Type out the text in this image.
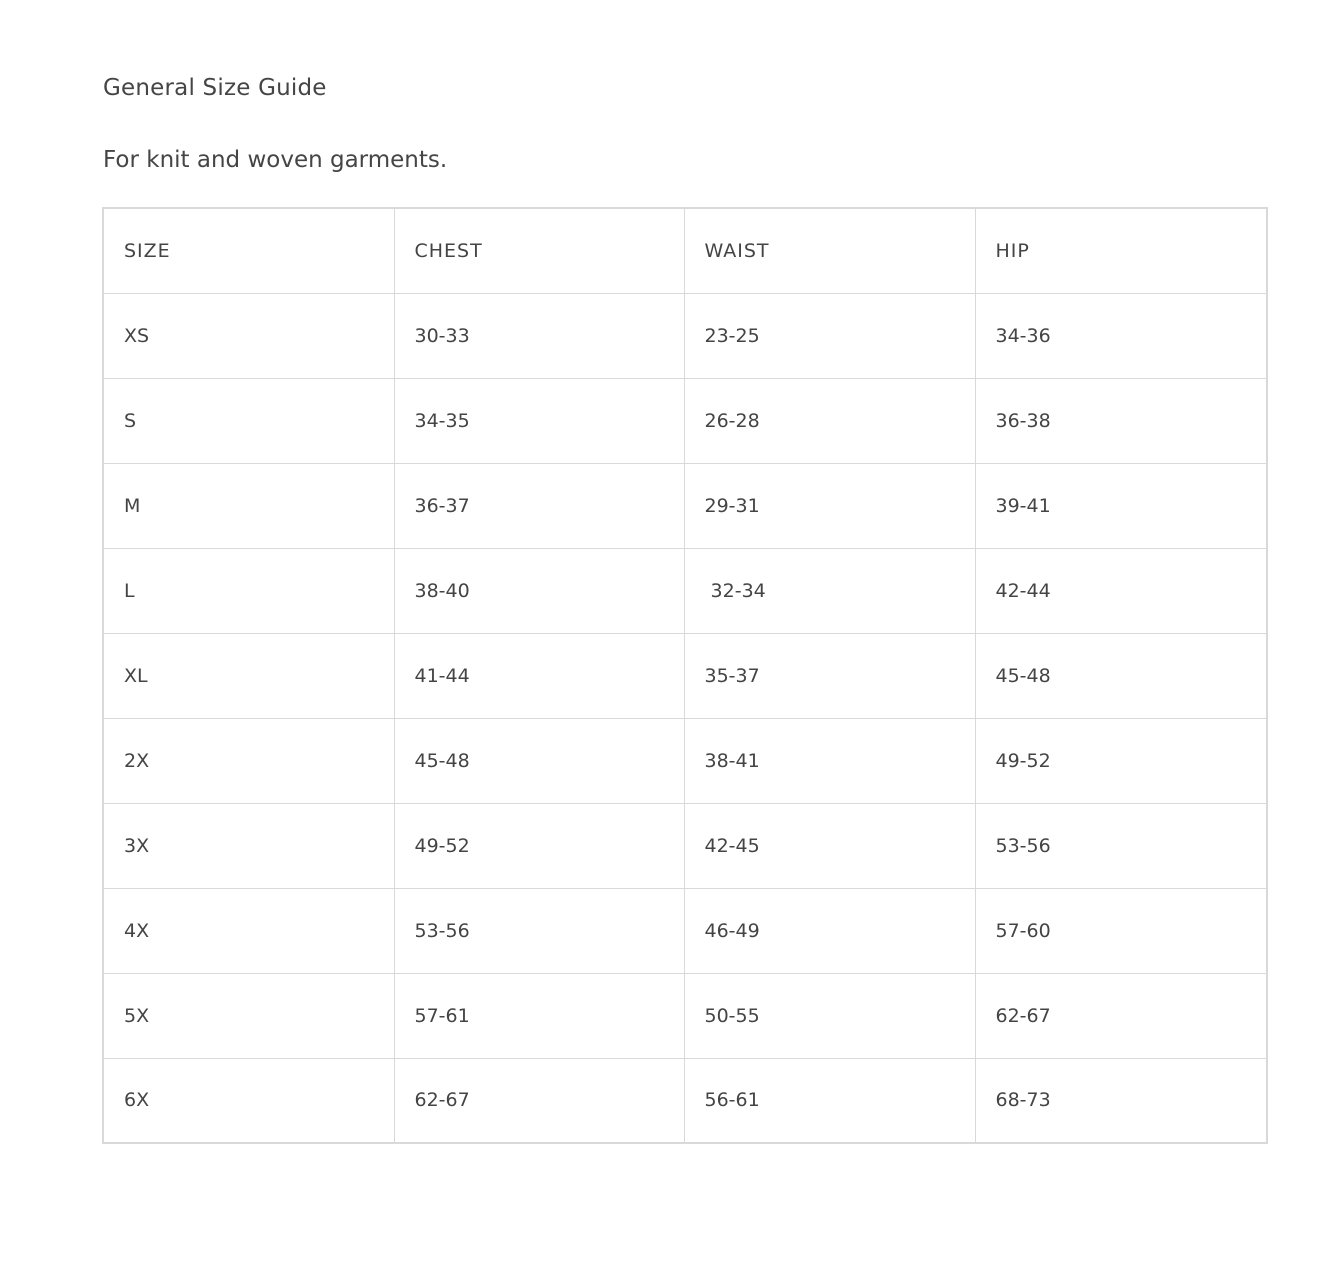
General Size Guide

For knit and woven garments.

SIZE	CHEST	WAIST	HIP
XS	30-33	23-25	34-36
S	34-35	26-28	36-38
M	36-37	29-31	39-41
L	38-40	32-34	42-44
XL	41-44	35-37	45-48
2X	45-48	38-41	49-52
3X	49-52	42-45	53-56
4X	53-56	46-49	57-60
5X	57-61	50-55	62-67
6X	62-67	56-61	68-73
